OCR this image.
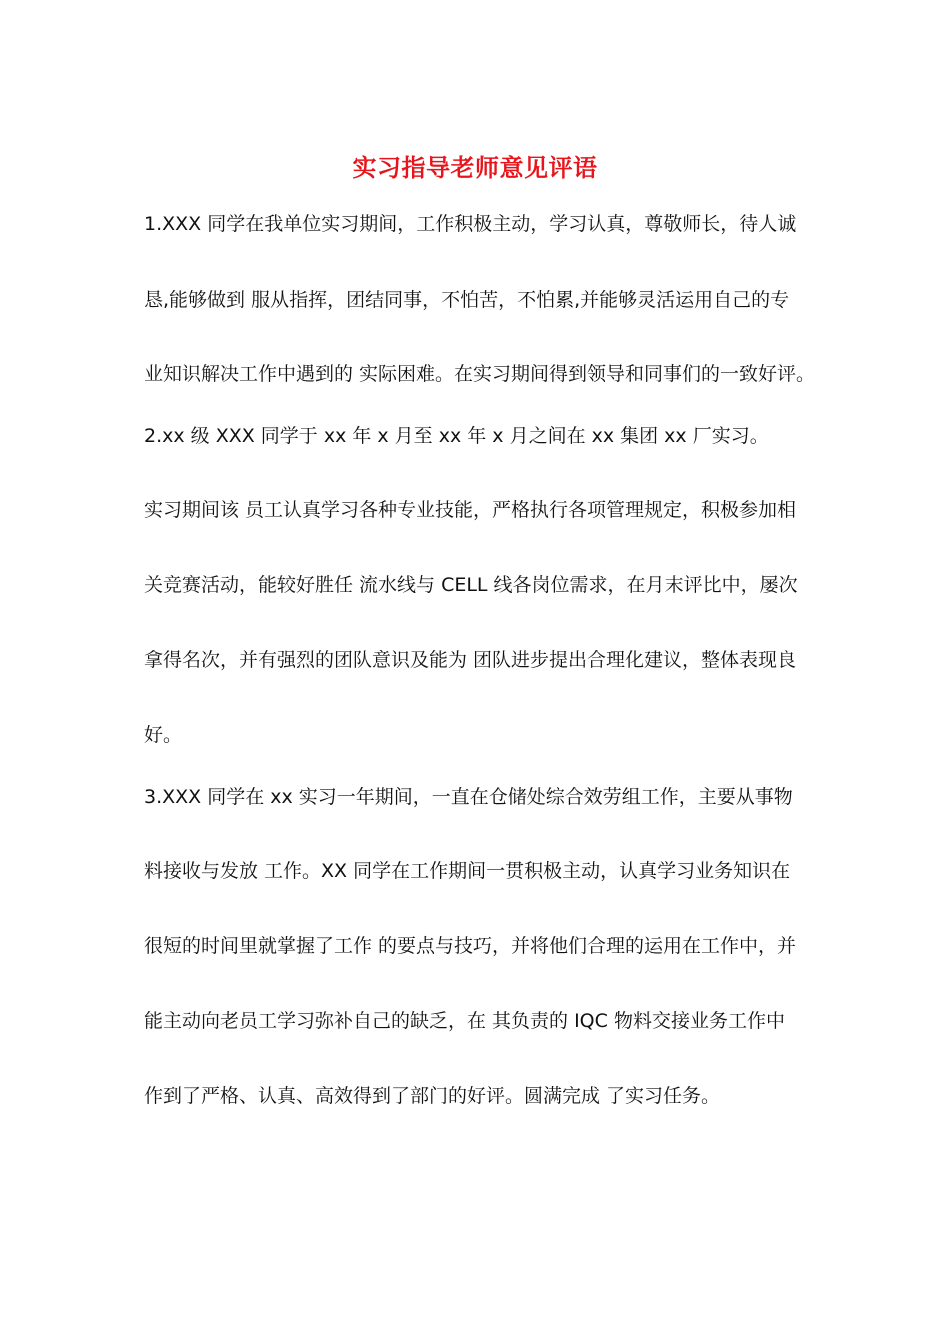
实习指导老师意见评语
1.XXX 同学在我单位实习期间，工作积极主动，学习认真，尊敬师长，待人诚
恳,能够做到 服从指挥，团结同事，不怕苦，不怕累,并能够灵活运用自己的专
业知识解决工作中遇到的 实际困难。在实习期间得到领导和同事们的一致好评。
2.xx 级 XXX 同学于 xx 年 x 月至 xx 年 x 月之间在 xx 集团 xx 厂实习。
实习期间该 员工认真学习各种专业技能，严格执行各项管理规定，积极参加相
关竞赛活动，能较好胜任 流水线与 CELL 线各岗位需求，在月末评比中，屡次
拿得名次，并有强烈的团队意识及能为 团队进步提出合理化建议，整体表现良
好。
3.XXX 同学在 xx 实习一年期间，一直在仓储处综合效劳组工作，主要从事物
料接收与发放 工作。XX 同学在工作期间一贯积极主动，认真学习业务知识在
很短的时间里就掌握了工作 的要点与技巧，并将他们合理的运用在工作中，并
能主动向老员工学习弥补自己的缺乏，在 其负责的 IQC 物料交接业务工作中
作到了严格、认真、高效得到了部门的好评。圆满完成 了实习任务。
